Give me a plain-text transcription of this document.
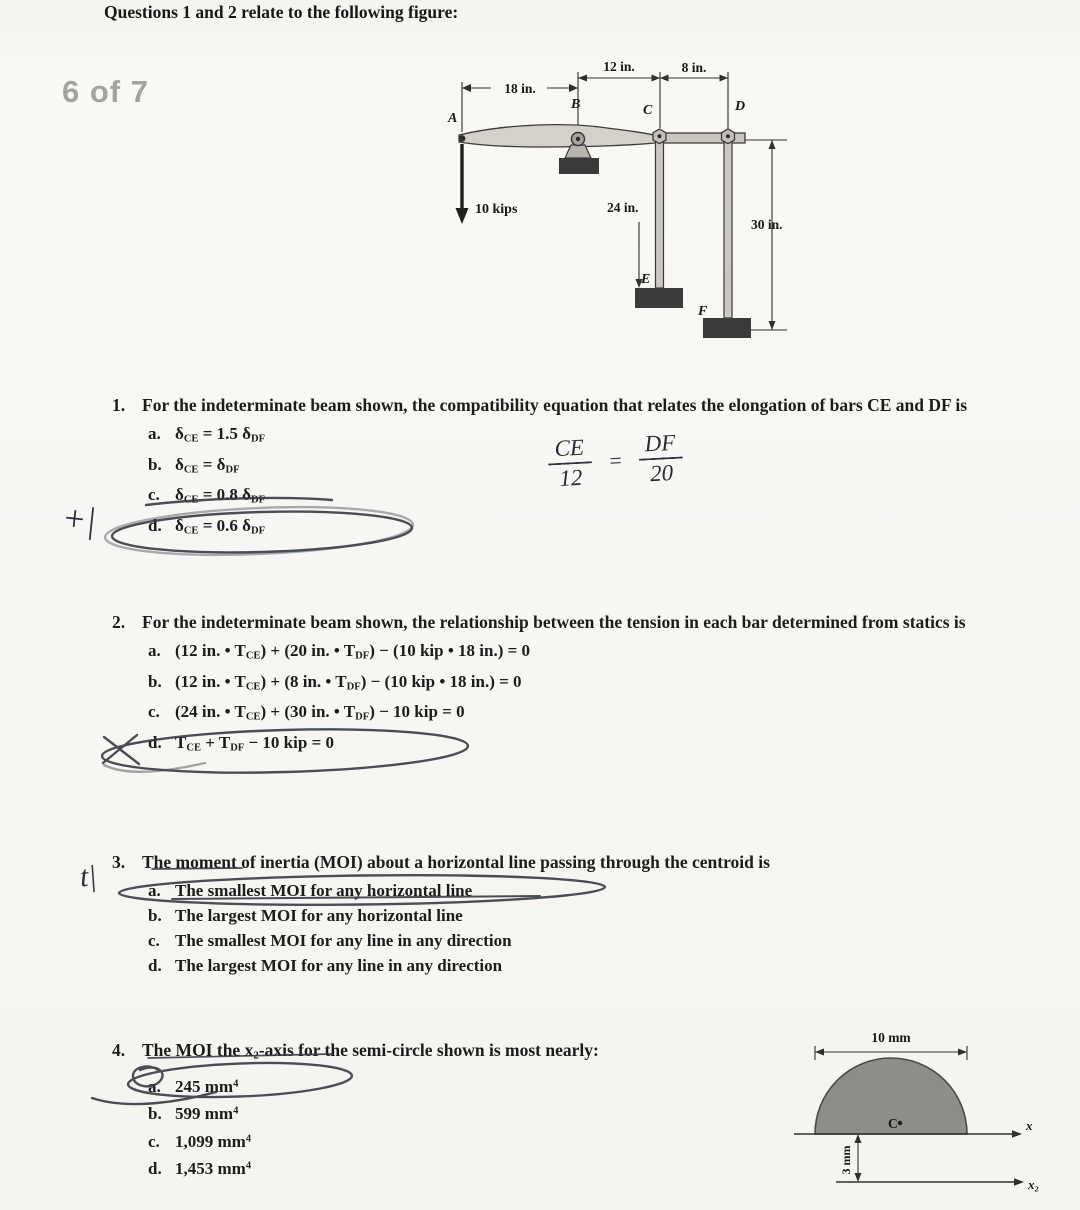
Questions 1 and 2 relate to the following figure:
6 of 7	18 in.
12 in.	8 in.
10 kips	24 in.
30 in.
A
B	C	D
E
F
1. For the indeterminate beam shown, the compatibility equation that relates the elongation of bars CE and DF is
a. $\delta_{CE} = 1.5$ $\delta_{DF}$
b. $\delta_{CE} = \delta_{DF}$
c. $\delta_{CE} = 0.8$ $\delta_{DF}$
d. $\delta_{CE} = 0.6$ $\delta_{DF}$
2. For the indeterminate beam shown, the relationship between the tension in each bar determined from statics is
a. (12 in. • $T_{CE}) + (20$ in. • $T_{DF}) - (10$ kip • 18 in.) = 0
b. (12 in. • $T_{CE}) + (8$ in. • $T_{DF}) - (10$ kip • 18 in.) = 0
c. (24 in. • $T_{CE}) + (30$ in. • $T_{DF}) - 10$ kip = 0
d. $T_{CE} + T_{DF} - 10$ kip = 0
3. The moment of inertia (MOI) about a horizontal line passing through the centroid is
a. The smallest MOI for any horizontal line
b. The largest MOI for any horizontal line
c. The smallest MOI for any line in any direction
d. The largest MOI for any line in any direction
4. The MOI the $x_2$-axis for the semi-circle shown is most nearly:
a. 245 $mm^4$
b. 599 $mm^4$
c. 1,099 $mm^4$
d. 1,453 $mm^4$
+|
t|
CE
12
=
DF
20
10 mm
C	x
x₂
3 mm
